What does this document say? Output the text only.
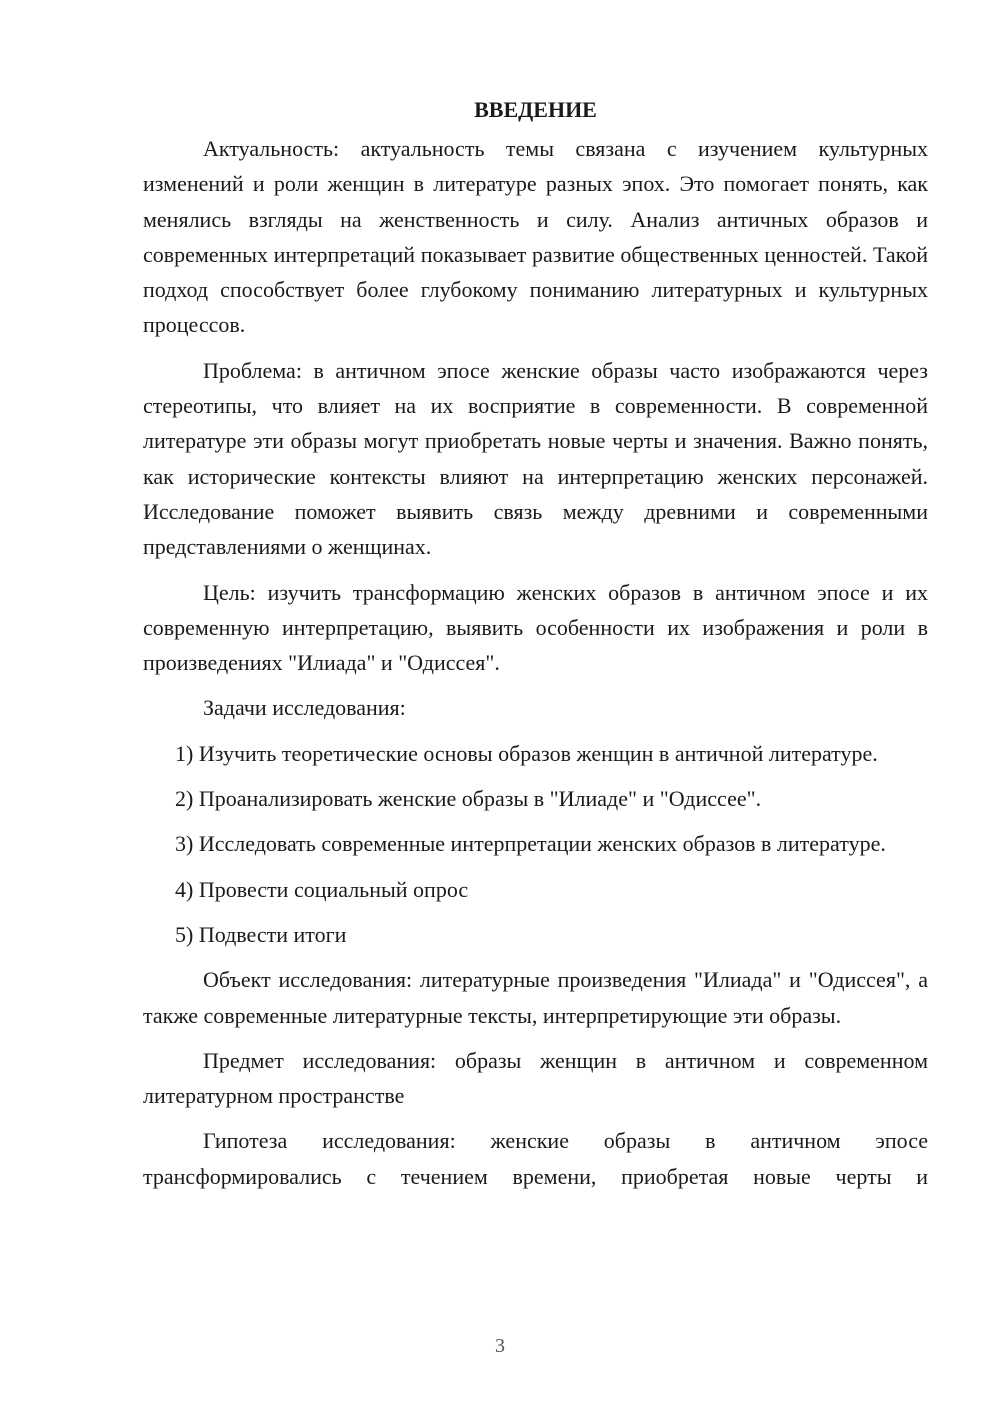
ВВЕДЕНИЕ

Актуальность: актуальность темы связана с изучением культурных изменений и роли женщин в литературе разных эпох. Это помогает понять, как менялись взгляды на женственность и силу. Анализ античных образов и современных интерпретаций показывает развитие общественных ценностей. Такой подход способствует более глубокому пониманию литературных и культурных процессов.

Проблема: в античном эпосе женские образы часто изображаются через стереотипы, что влияет на их восприятие в современности. В современной литературе эти образы могут приобретать новые черты и значения. Важно понять, как исторические контексты влияют на интерпретацию женских персонажей. Исследование поможет выявить связь между древними и современными представлениями о женщинах.

Цель: изучить трансформацию женских образов в античном эпосе и их современную интерпретацию, выявить особенности их изображения и роли в произведениях "Илиада" и "Одиссея".

Задачи исследования:

1) Изучить теоретические основы образов женщин в античной литературе.

2) Проанализировать женские образы в "Илиаде" и "Одиссее".

3) Исследовать современные интерпретации женских образов в литературе.

4) Провести социальный опрос

5) Подвести итоги

Объект исследования: литературные произведения "Илиада" и "Одиссея", а также современные литературные тексты, интерпретирующие эти образы.

Предмет исследования: образы женщин в античном и современном литературном пространстве

Гипотеза исследования: женские образы в античном эпосе трансформировались с течением времени, приобретая новые черты и

3
